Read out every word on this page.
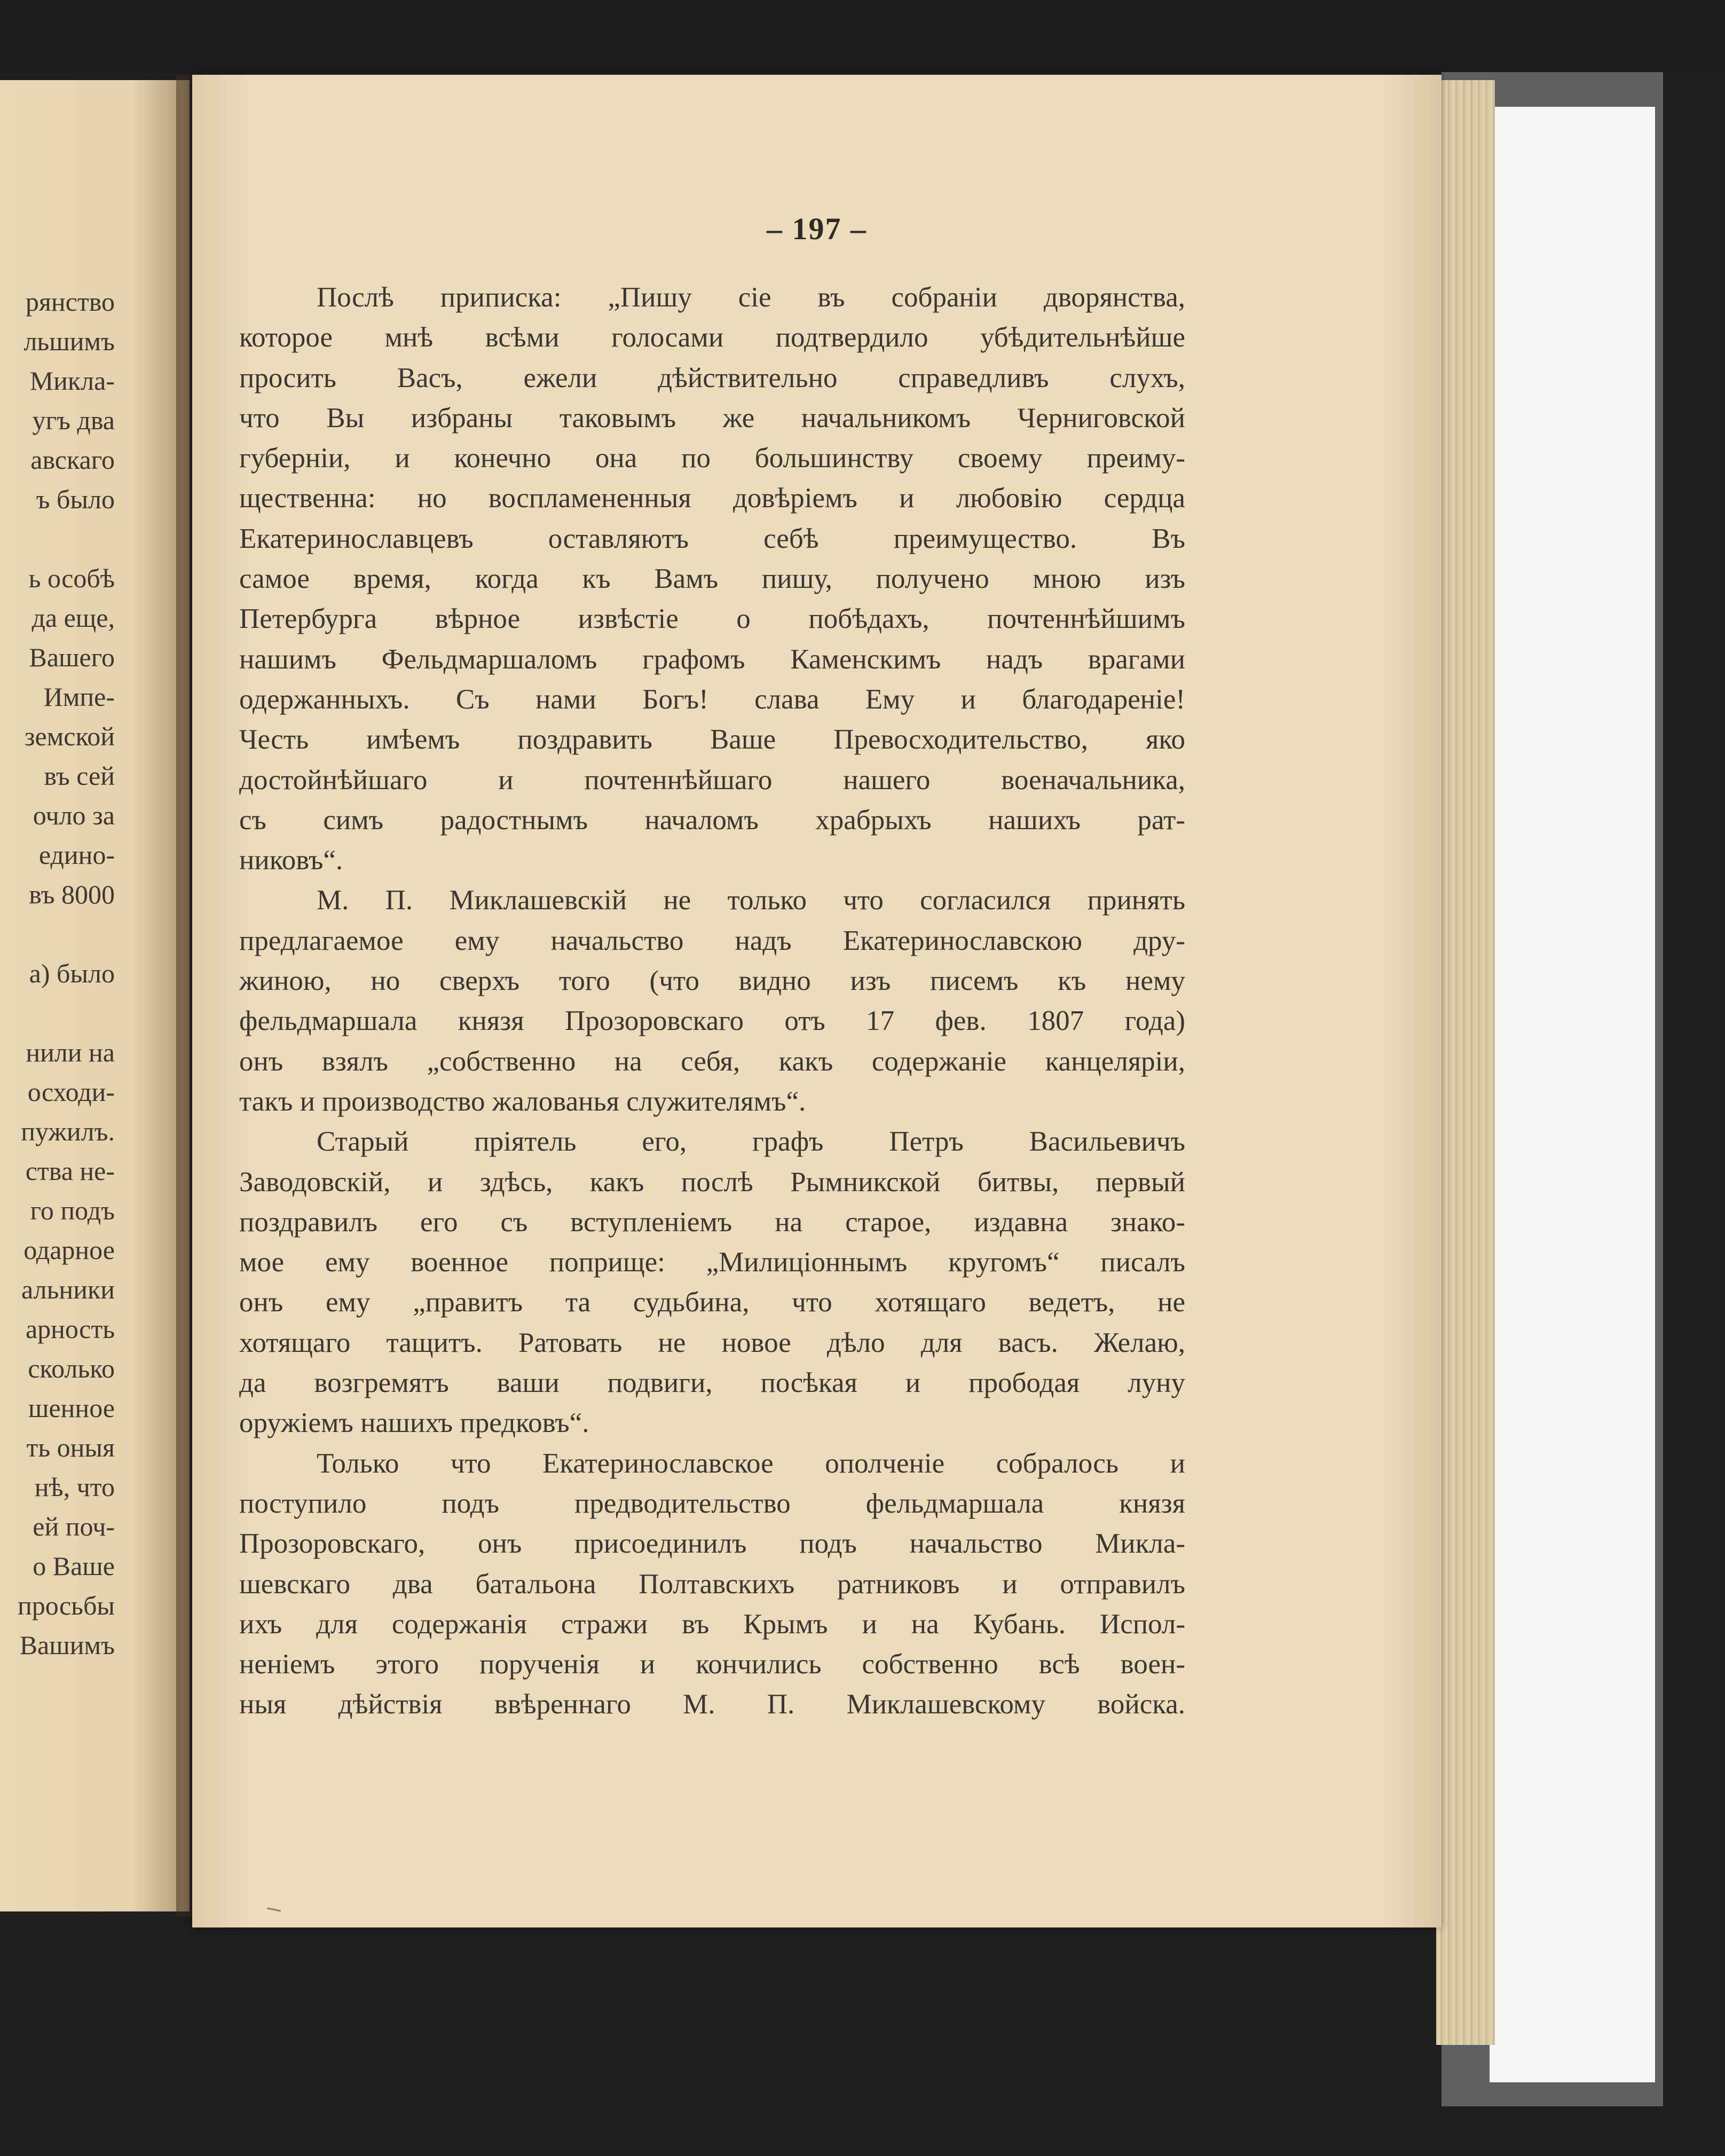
рянство
льшимъ
Микла-
угъ два
авскаго
ъ было
ь особѣ
да еще,
Вашего
Импе-
земской
въ сей
очло за
едино-
въ 8000
а) было
нили на
осходи-
пужилъ.
ства не-
го подъ
одарное
альники
арность
сколько
шенное
ть оныя
нѣ, что
ей поч-
о Ваше
просьбы
Вашимъ
– 197 –
Послѣ приписка: „Пишу сіе въ собраніи дворянства,
которое мнѣ всѣми голосами подтвердило убѣдительнѣйше
просить Васъ, ежели дѣйствительно справедливъ слухъ,
что Вы избраны таковымъ же начальникомъ Черниговской
губерніи, и конечно она по большинству своему преиму-
щественна: но воспламененныя довѣріемъ и любовію сердца
Екатеринославцевъ оставляютъ себѣ преимущество. Въ
самое время, когда къ Вамъ пишу, получено мною изъ
Петербурга вѣрное извѣстіе о побѣдахъ, почтеннѣйшимъ
нашимъ Фельдмаршаломъ графомъ Каменскимъ надъ врагами
одержанныхъ. Съ нами Богъ! слава Ему и благодареніе!
Честь имѣемъ поздравить Ваше Превосходительство, яко
достойнѣйшаго и почтеннѣйшаго нашего военачальника,
съ симъ радостнымъ началомъ храбрыхъ нашихъ рат-
никовъ“.
М. П. Миклашевскій не только что согласился принять
предлагаемое ему начальство надъ Екатеринославскою дру-
жиною, но сверхъ того (что видно изъ писемъ къ нему
фельдмаршала князя Прозоровскаго отъ 17 фев. 1807 года)
онъ взялъ „собственно на себя, какъ содержаніе канцеляріи,
такъ и производство жалованья служителямъ“.
Старый пріятель его, графъ Петръ Васильевичъ
Заводовскій, и здѣсь, какъ послѣ Рымникской битвы, первый
поздравилъ его съ вступленіемъ на старое, издавна знако-
мое ему военное поприще: „Милиціоннымъ кругомъ“ писалъ
онъ ему „правитъ та судьбина, что хотящаго ведетъ, не
хотящаго тащитъ. Ратовать не новое дѣло для васъ. Желаю,
да возгремятъ ваши подвиги, посѣкая и прободая луну
оружіемъ нашихъ предковъ“.
Только что Екатеринославское ополченіе собралось и
поступило подъ предводительство фельдмаршала князя
Прозоровскаго, онъ присоединилъ подъ начальство Микла-
шевскаго два батальона Полтавскихъ ратниковъ и отправилъ
ихъ для содержанія стражи въ Крымъ и на Кубань. Испол-
неніемъ этого порученія и кончились собственно всѣ воен-
ныя дѣйствія ввѣреннаго М. П. Миклашевскому войска.
